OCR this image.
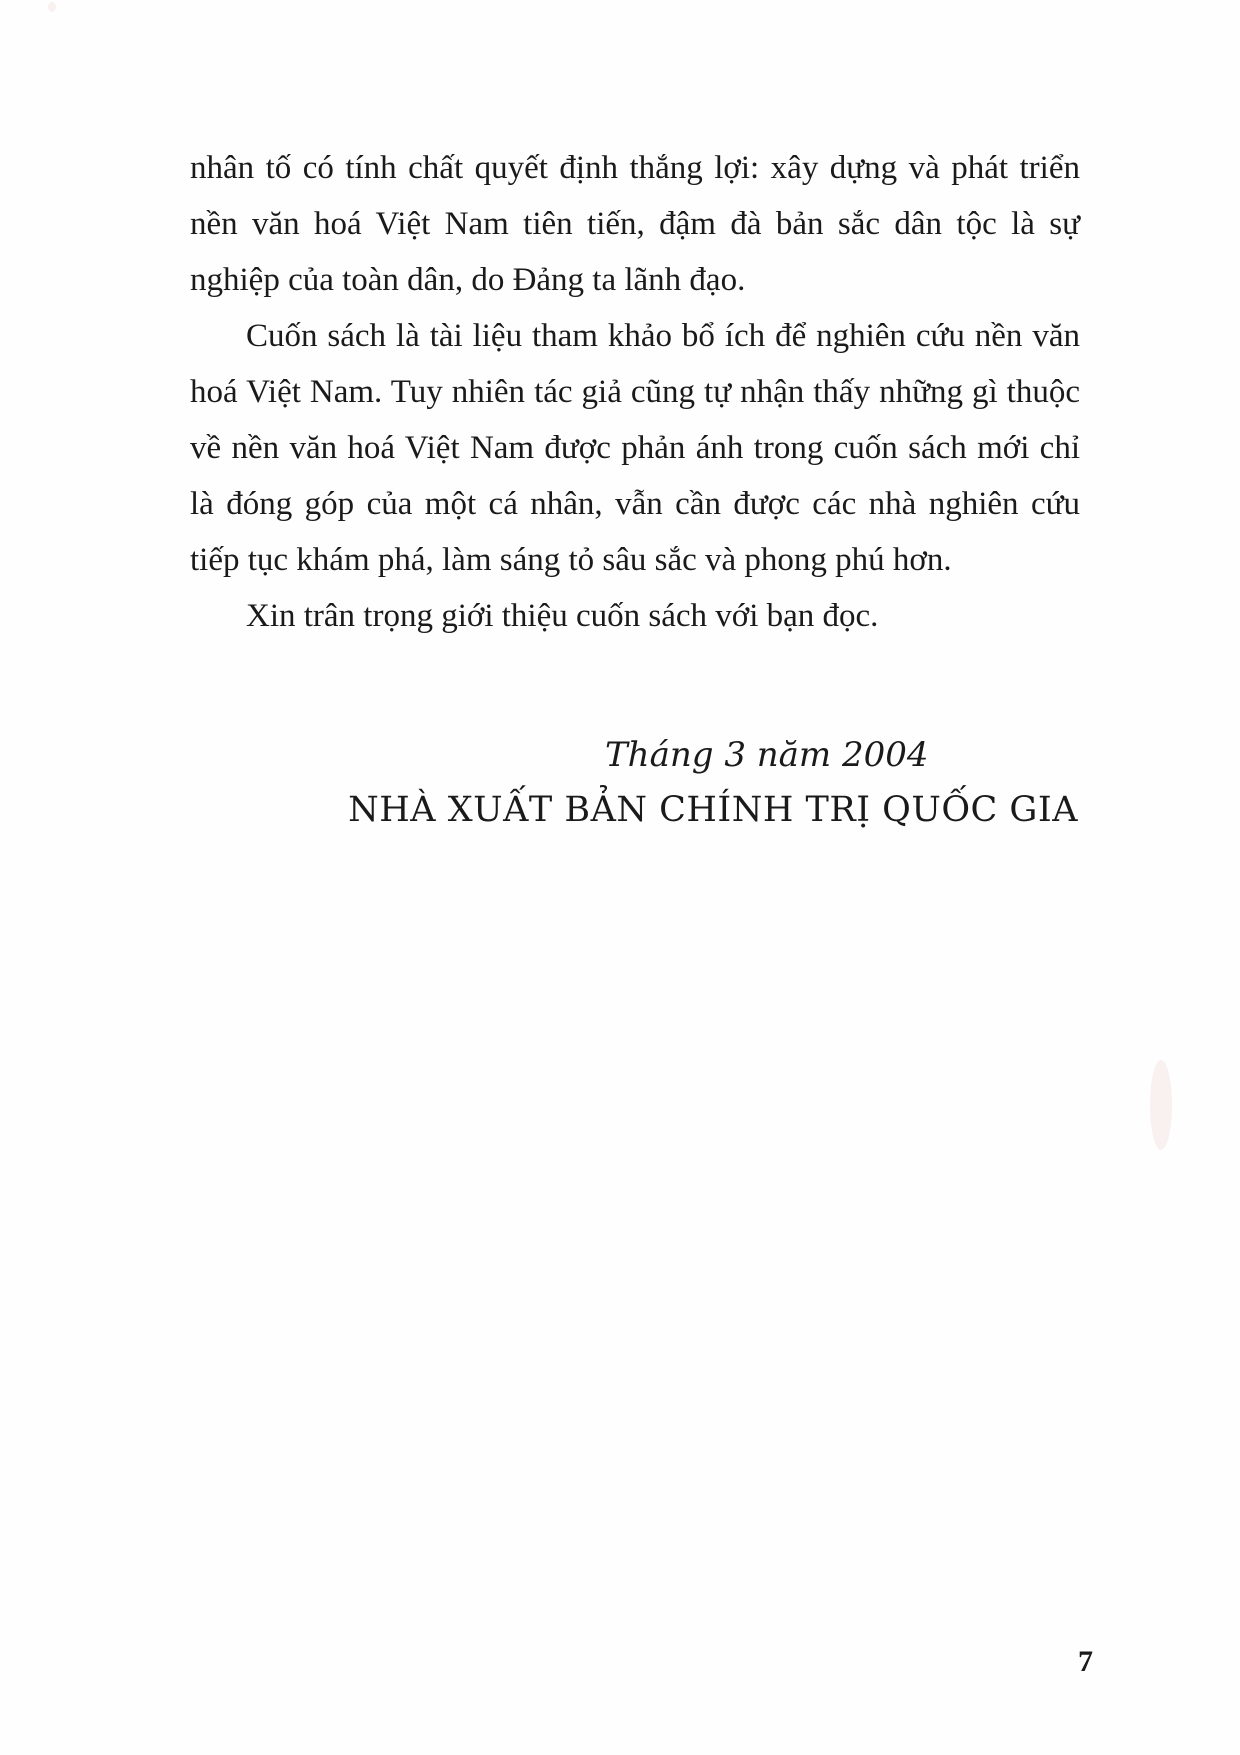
nhân tố có tính chất quyết định thắng lợi: xây dựng và phát triển nền văn hoá Việt Nam tiên tiến, đậm đà bản sắc dân tộc là sự nghiệp của toàn dân, do Đảng ta lãnh đạo.

Cuốn sách là tài liệu tham khảo bổ ích để nghiên cứu nền văn hoá Việt Nam. Tuy nhiên tác giả cũng tự nhận thấy những gì thuộc về nền văn hoá Việt Nam được phản ánh trong cuốn sách mới chỉ là đóng góp của một cá nhân, vẫn cần được các nhà nghiên cứu tiếp tục khám phá, làm sáng tỏ sâu sắc và phong phú hơn.

Xin trân trọng giới thiệu cuốn sách với bạn đọc.

Tháng 3 năm 2004
NHÀ XUẤT BẢN CHÍNH TRỊ QUỐC GIA
7
